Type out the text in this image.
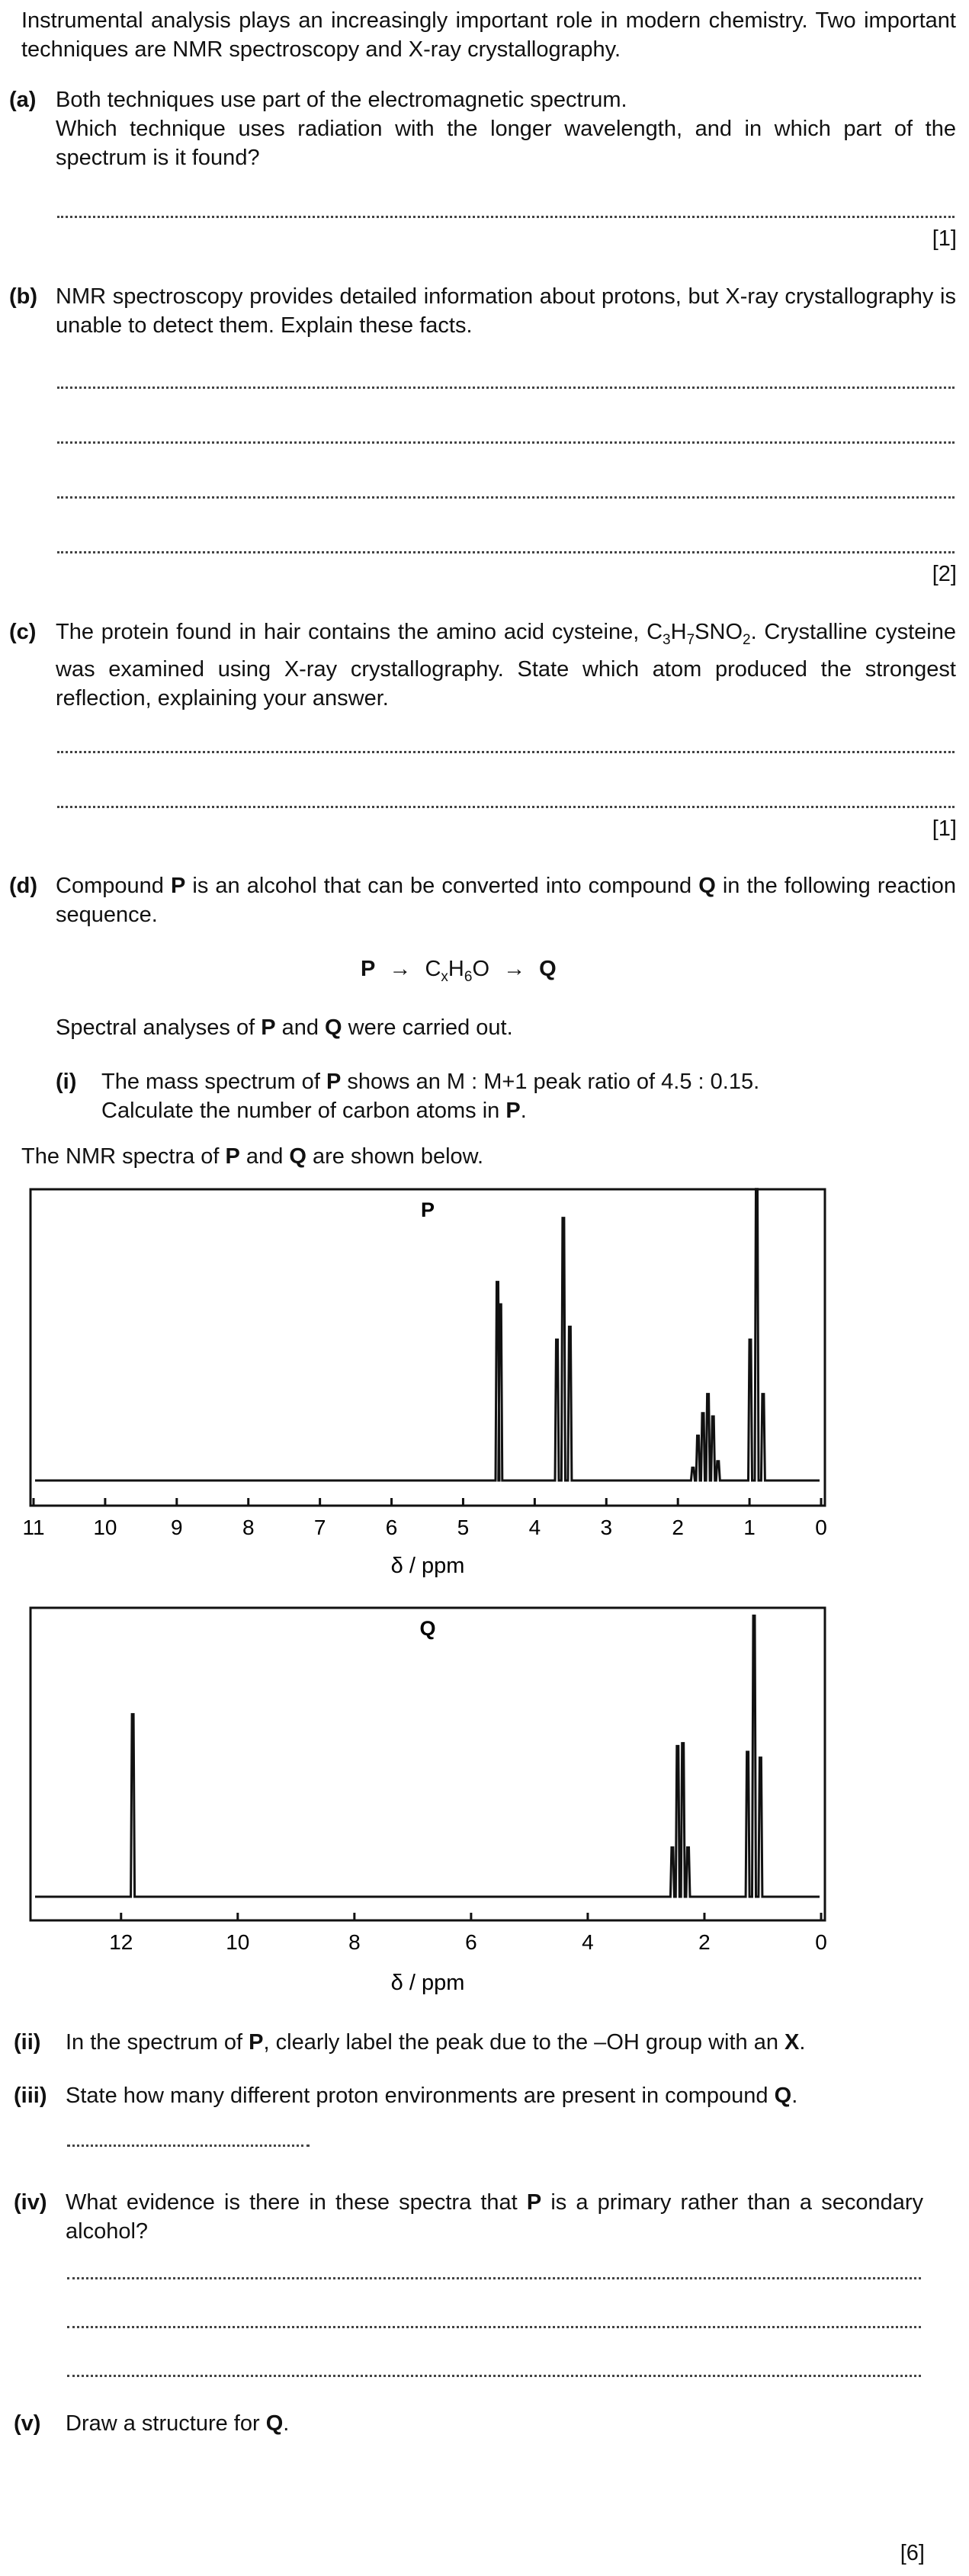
Instrumental analysis plays an increasingly important role in modern chemistry. Two important techniques are NMR spectroscopy and X-ray crystallography.
(a) Both techniques use part of the electromagnetic spectrum.
Which technique uses radiation with the longer wavelength, and in which part of the spectrum is it found?
[1]
(b) NMR spectroscopy provides detailed information about protons, but X-ray crystallography is unable to detect them. Explain these facts.
[2]
(c) The protein found in hair contains the amino acid cysteine, $C_3H_7SNO_2$. Crystalline cysteine was examined using X-ray crystallography. State which atom produced the strongest reflection, explaining your answer.
[1]
(d) Compound P is an alcohol that can be converted into compound Q in the following reaction sequence.
$P \to C_xH_6O \to Q$
Spectral analyses of P and Q were carried out.
(i) The mass spectrum of P shows an M : M+1 peak ratio of 4.5 : 0.15.
Calculate the number of carbon atoms in P.
The NMR spectra of P and Q are shown below.
P
11 10	9	8	7	6	5	4	3	2	1	0
δ / ppm
Q
12	10	8	6	4	2	0
δ / ppm
(ii) In the spectrum of P, clearly label the peak due to the –OH group with an X.
(iii) State how many different proton environments are present in compound Q.
(iv) What evidence is there in these spectra that P is a primary rather than a secondary alcohol?
(v) Draw a structure for Q.
[6]
